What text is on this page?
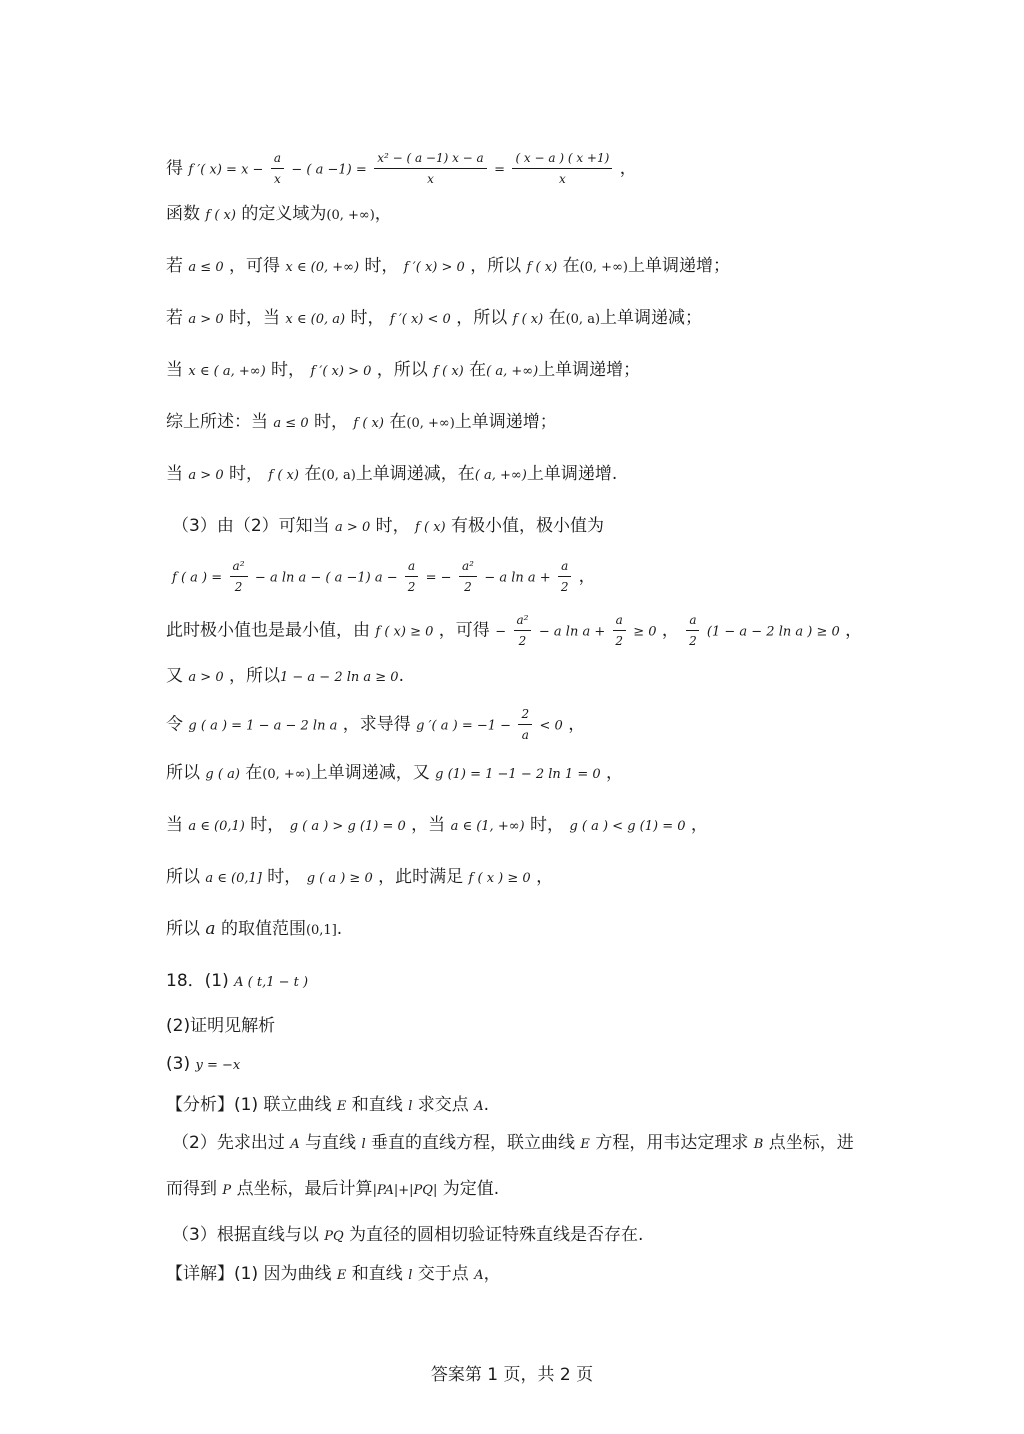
得 f ′( $x) = x - \frac{a}{x}$ − ( $a -1) = \frac{\text{x² − ( a −1) x − a}}{x} = \frac{( x - a ) ( x +1)}{x}$ ，
函数 f ( x) 的定义域为(0, +∞)，
若 a ≤ 0 ，可得 x ∈ (0, +∞) 时， f ′( x) > 0 ，所以 f ( x) 在(0, +∞)上单调递增；
若 a > 0 时，当 x ∈ (0, a) 时， f ′( x) < 0 ，所以 f ( x) 在(0, a)上单调递减；
当 x ∈ ( a, +∞) 时， f ′( x) > 0 ，所以 f ( x) 在( a, +∞)上单调递增；
综上所述：当 a ≤ 0 时， f ( x) 在(0, +∞)上单调递增；
当 a > 0 时， f ( x) 在(0, a)上单调递减，在( a, +∞)上单调递增.
（3）由（2）可知当 a > 0 时， f ( x) 有极小值，极小值为
f ( a ) = $\frac{\text{a²}}{2} - a$ ln a − ( a −1) $a - \frac{a}{2}$ = − $\frac{\text{a²}}{2} - a$ $\ln a + \frac{a}{2}$ ，
此时极小值也是最小值，由 f ( x) ≥ 0 ，可得 − $\frac{\text{a²}}{2} - a$ $\ln a + \frac{a}{2} \ge 0$ ， $\frac{a}{2} (1 - a - 2$ ln a ) ≥ 0 ，
又 a > 0 ，所以1 − a − 2 ln a ≥ 0.
令 g ( a ) = 1 − a − 2 ln a ，求导得 g ′( a ) = $-1 - \frac{2}{a} < 0$ ，
所以 g ( a) 在(0, +∞)上单调递减，又 g (1) = 1 −1 − 2 ln 1 = 0 ，
当 a ∈ (0,1) 时， g ( a ) > g (1) = 0 ，当 a ∈ (1, +∞) 时， g ( a ) < g (1) = 0 ，
所以 a ∈ (0,1] 时， g ( a ) ≥ 0 ，此时满足 f ( x ) ≥ 0 ，
所以 a 的取值范围(0,1].
18．(1) A ( t,1 − t )
(2)证明见解析
(3) y = −x
【分析】(1) 联立曲线 E 和直线 l 求交点 A.
（2）先求出过 A 与直线 l 垂直的直线方程，联立曲线 E 方程，用韦达定理求 B 点坐标，进
而得到 P 点坐标，最后计算|PA|+|PQ| 为定值.
（3）根据直线与以 PQ 为直径的圆相切验证特殊直线是否存在.
【详解】(1) 因为曲线 E 和直线 l 交于点 A，
答案第 1 页，共 2 页
